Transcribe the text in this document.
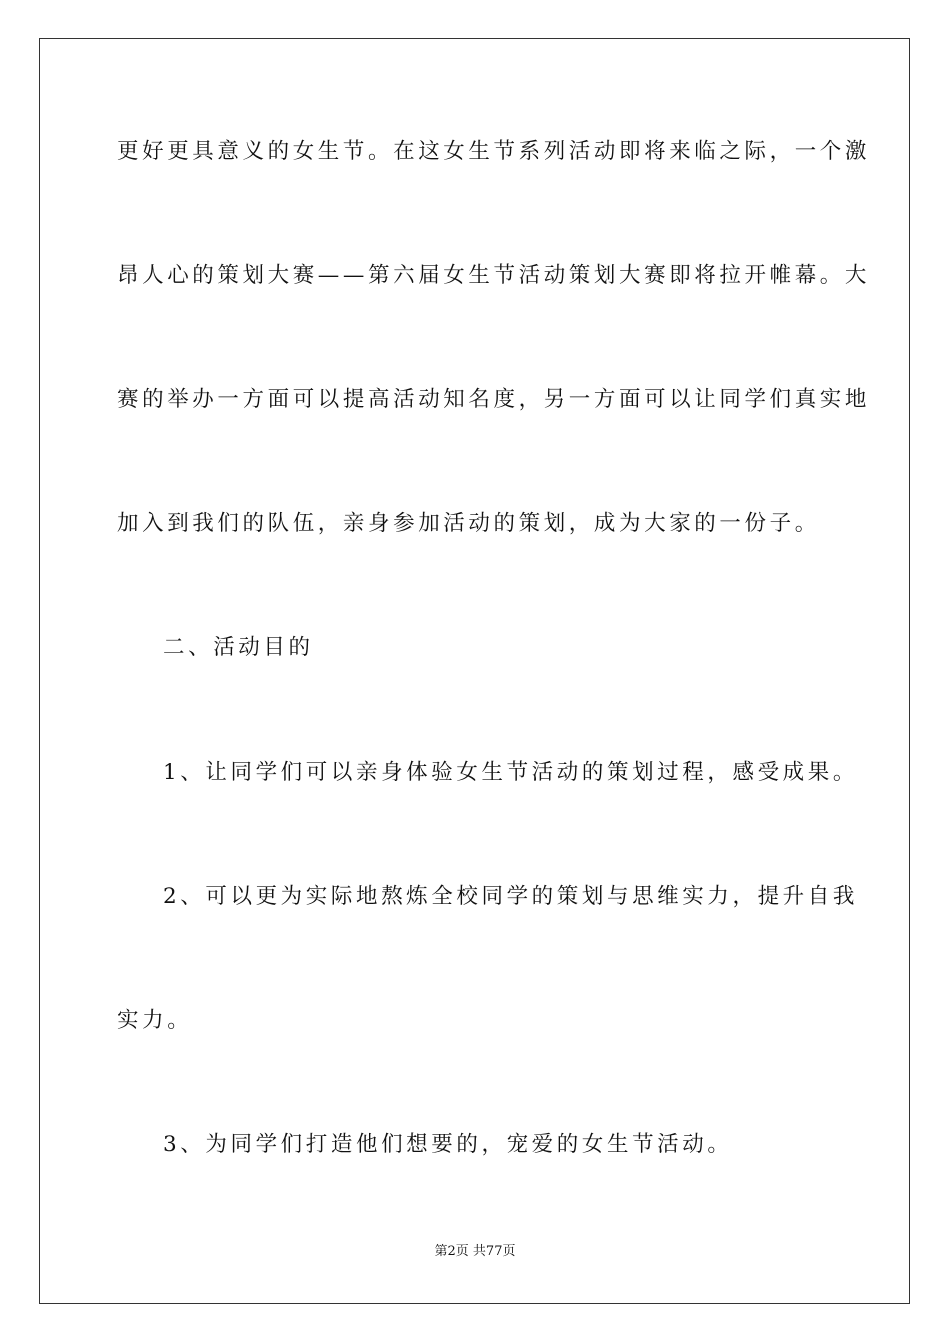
更好更具意义的女生节。在这女生节系列活动即将来临之际，一个激
昂人心的策划大赛——第六届女生节活动策划大赛即将拉开帷幕。大
赛的举办一方面可以提高活动知名度，另一方面可以让同学们真实地
加入到我们的队伍，亲身参加活动的策划，成为大家的一份子。
二、活动目的
1、让同学们可以亲身体验女生节活动的策划过程，感受成果。
2、可以更为实际地熬炼全校同学的策划与思维实力，提升自我
实力。
3、为同学们打造他们想要的，宠爱的女生节活动。
第2页 共77页
